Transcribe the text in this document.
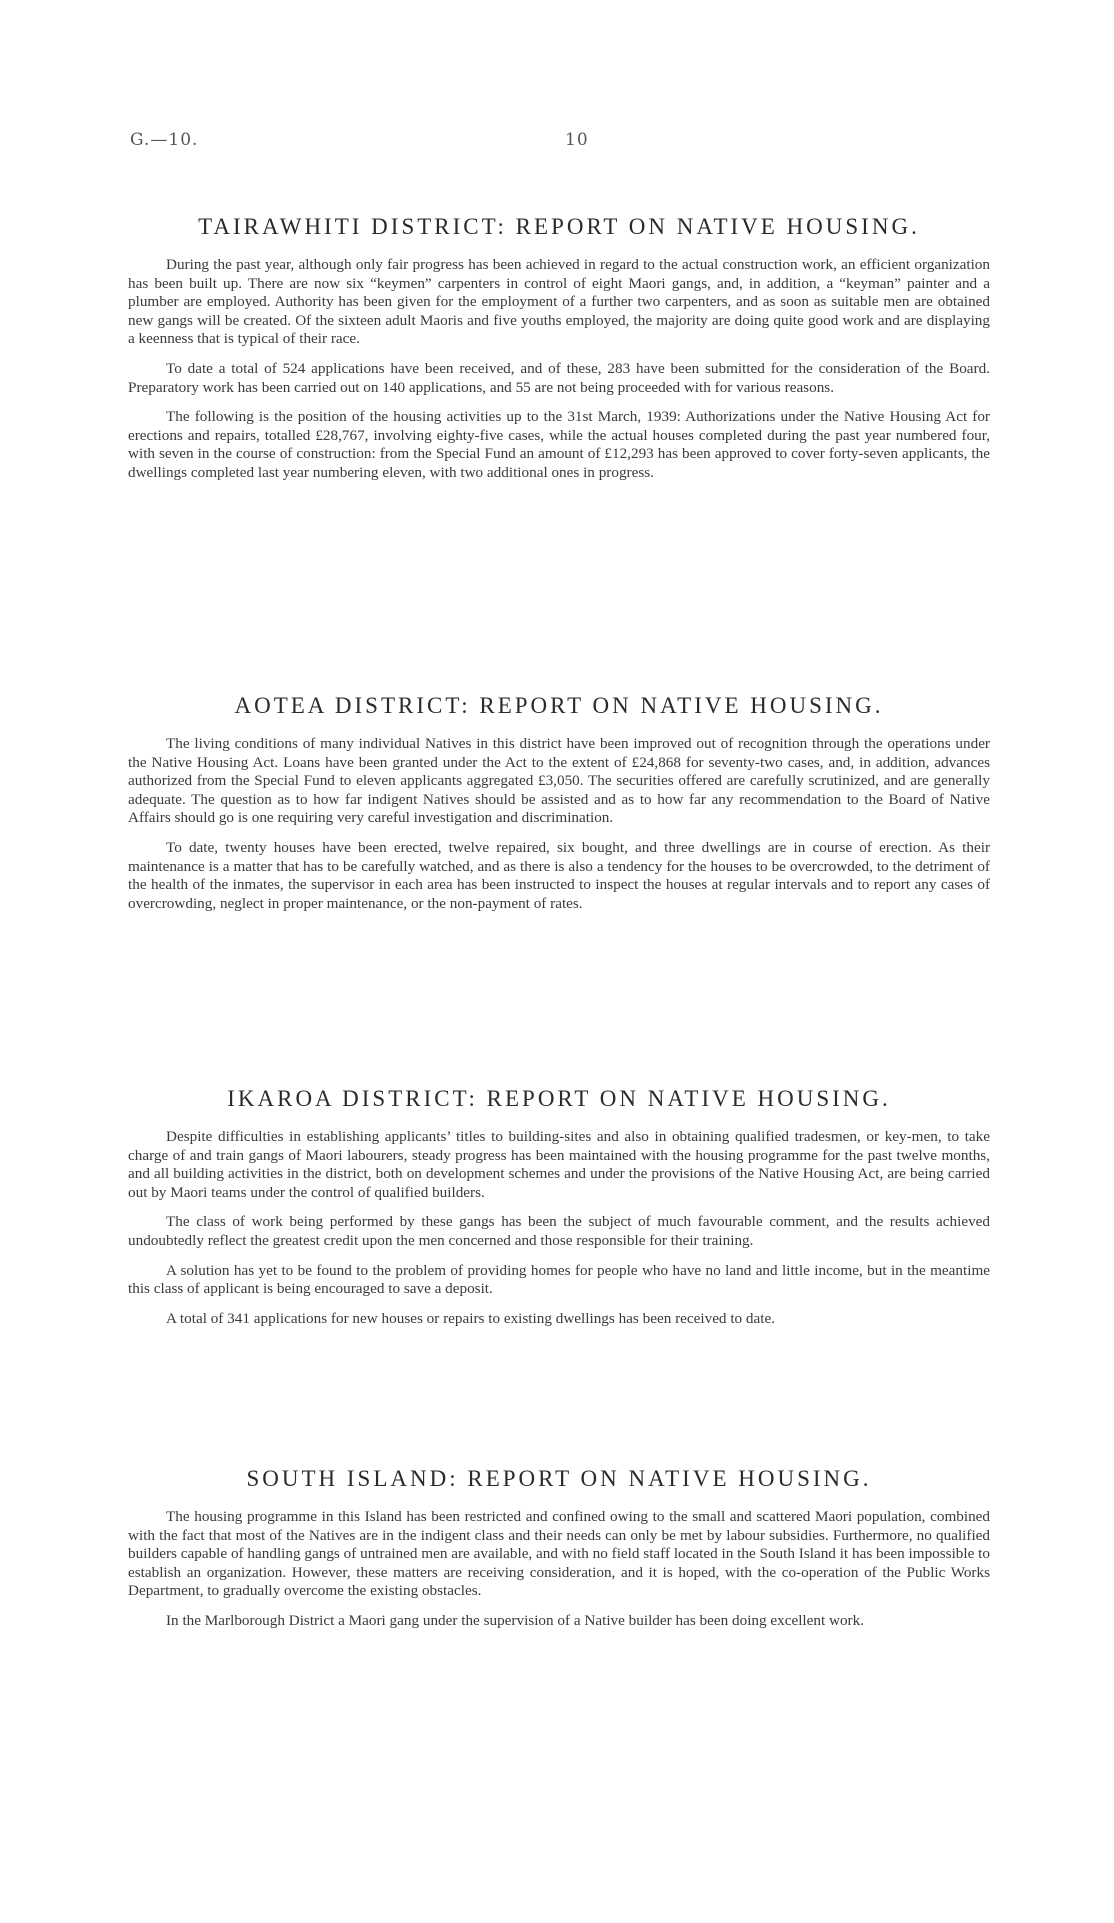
G.—10.	10
TAIRAWHITI DISTRICT: REPORT ON NATIVE HOUSING.

During the past year, although only fair progress has been achieved in regard to the actual construction work, an efficient organization has been built up. There are now six “keymen” carpenters in control of eight Maori gangs, and, in addition, a “keyman” painter and a plumber are employed. Authority has been given for the employment of a further two carpenters, and as soon as suitable men are obtained new gangs will be created. Of the sixteen adult Maoris and five youths employed, the majority are doing quite good work and are displaying a keenness that is typical of their race.

To date a total of 524 applications have been received, and of these, 283 have been submitted for the consideration of the Board. Preparatory work has been carried out on 140 applications, and 55 are not being proceeded with for various reasons.

The following is the position of the housing activities up to the 31st March, 1939: Authorizations under the Native Housing Act for erections and repairs, totalled £28,767, involving eighty-five cases, while the actual houses completed during the past year numbered four, with seven in the course of construction: from the Special Fund an amount of £12,293 has been approved to cover forty-seven applicants, the dwellings completed last year numbering eleven, with two additional ones in progress.

AOTEA DISTRICT: REPORT ON NATIVE HOUSING.

The living conditions of many individual Natives in this district have been improved out of recognition through the operations under the Native Housing Act. Loans have been granted under the Act to the extent of £24,868 for seventy-two cases, and, in addition, advances authorized from the Special Fund to eleven applicants aggregated £3,050. The securities offered are carefully scrutinized, and are generally adequate. The question as to how far indigent Natives should be assisted and as to how far any recommendation to the Board of Native Affairs should go is one requiring very careful investigation and discrimination.

To date, twenty houses have been erected, twelve repaired, six bought, and three dwellings are in course of erection. As their maintenance is a matter that has to be carefully watched, and as there is also a tendency for the houses to be overcrowded, to the detriment of the health of the inmates, the supervisor in each area has been instructed to inspect the houses at regular intervals and to report any cases of overcrowding, neglect in proper maintenance, or the non-payment of rates.

IKAROA DISTRICT: REPORT ON NATIVE HOUSING.

Despite difficulties in establishing applicants’ titles to building-sites and also in obtaining qualified tradesmen, or key-men, to take charge of and train gangs of Maori labourers, steady progress has been maintained with the housing programme for the past twelve months, and all building activities in the district, both on development schemes and under the provisions of the Native Housing Act, are being carried out by Maori teams under the control of qualified builders.

The class of work being performed by these gangs has been the subject of much favourable comment, and the results achieved undoubtedly reflect the greatest credit upon the men concerned and those responsible for their training.

A solution has yet to be found to the problem of providing homes for people who have no land and little income, but in the meantime this class of applicant is being encouraged to save a deposit.

A total of 341 applications for new houses or repairs to existing dwellings has been received to date.

SOUTH ISLAND: REPORT ON NATIVE HOUSING.

The housing programme in this Island has been restricted and confined owing to the small and scattered Maori population, combined with the fact that most of the Natives are in the indigent class and their needs can only be met by labour subsidies. Furthermore, no qualified builders capable of handling gangs of untrained men are available, and with no field staff located in the South Island it has been impossible to establish an organization. However, these matters are receiving consideration, and it is hoped, with the co-operation of the Public Works Department, to gradually overcome the existing obstacles.

In the Marlborough District a Maori gang under the supervision of a Native builder has been doing excellent work.
